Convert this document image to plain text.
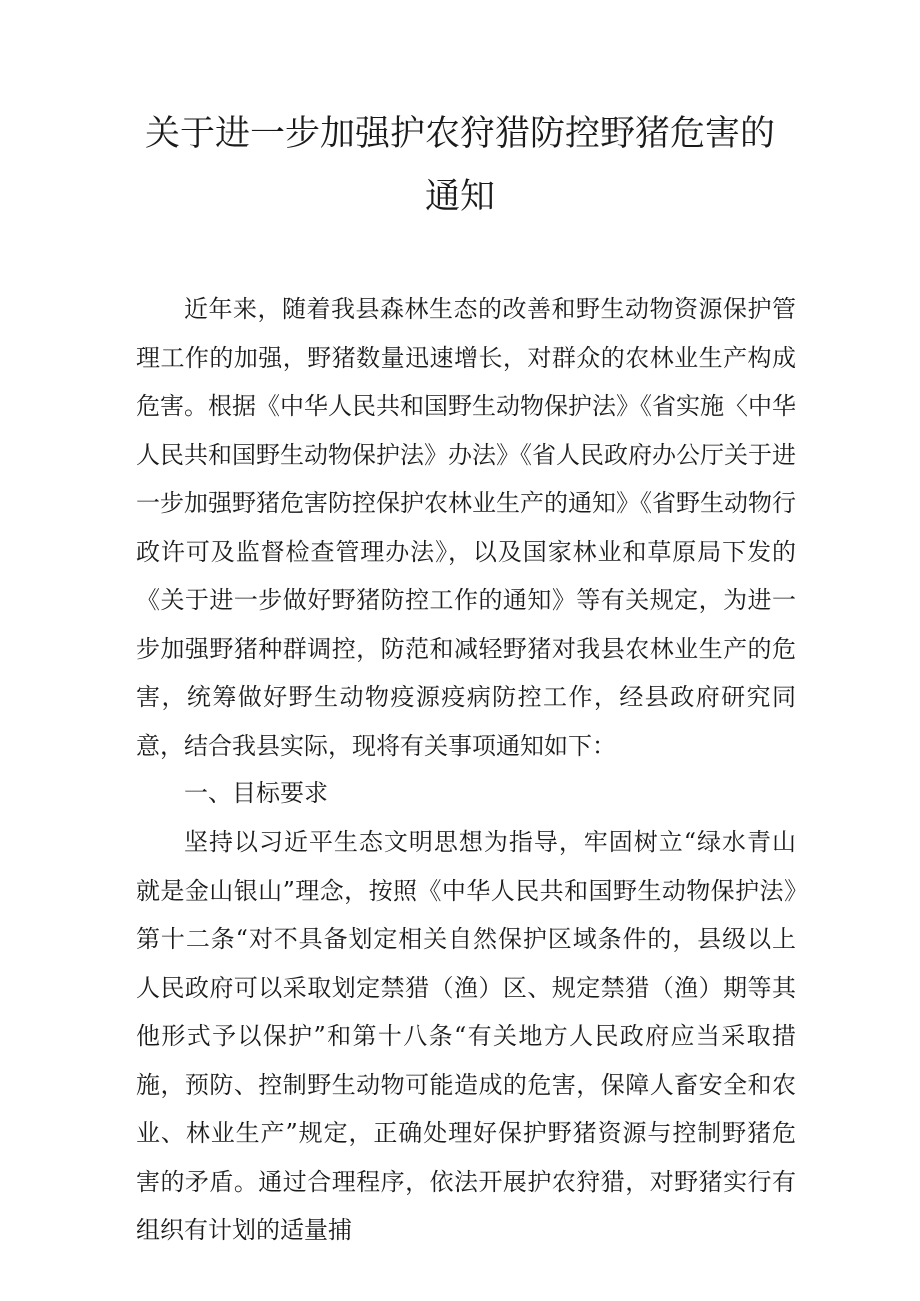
关于进一步加强护农狩猎防控野猪危害的
通知

近年来，随着我县森林生态的改善和野生动物资源保护管理工作的加强，野猪数量迅速增长，对群众的农林业生产构成危害。根据《中华人民共和国野生动物保护法》《省实施〈中华人民共和国野生动物保护法》办法》《省人民政府办公厅关于进一步加强野猪危害防控保护农林业生产的通知》《省野生动物行政许可及监督检查管理办法》，以及国家林业和草原局下发的《关于进一步做好野猪防控工作的通知》等有关规定，为进一步加强野猪种群调控，防范和减轻野猪对我县农林业生产的危害，统筹做好野生动物疫源疫病防控工作，经县政府研究同意，结合我县实际，现将有关事项通知如下：

一、目标要求

坚持以习近平生态文明思想为指导，牢固树立“绿水青山就是金山银山”理念，按照《中华人民共和国野生动物保护法》第十二条“对不具备划定相关自然保护区域条件的，县级以上人民政府可以采取划定禁猎（渔）区、规定禁猎（渔）期等其他形式予以保护”和第十八条“有关地方人民政府应当采取措施，预防、控制野生动物可能造成的危害，保障人畜安全和农业、林业生产”规定，正确处理好保护野猪资源与控制野猪危害的矛盾。通过合理程序，依法开展护农狩猎，对野猪实行有组织有计划的适量捕
